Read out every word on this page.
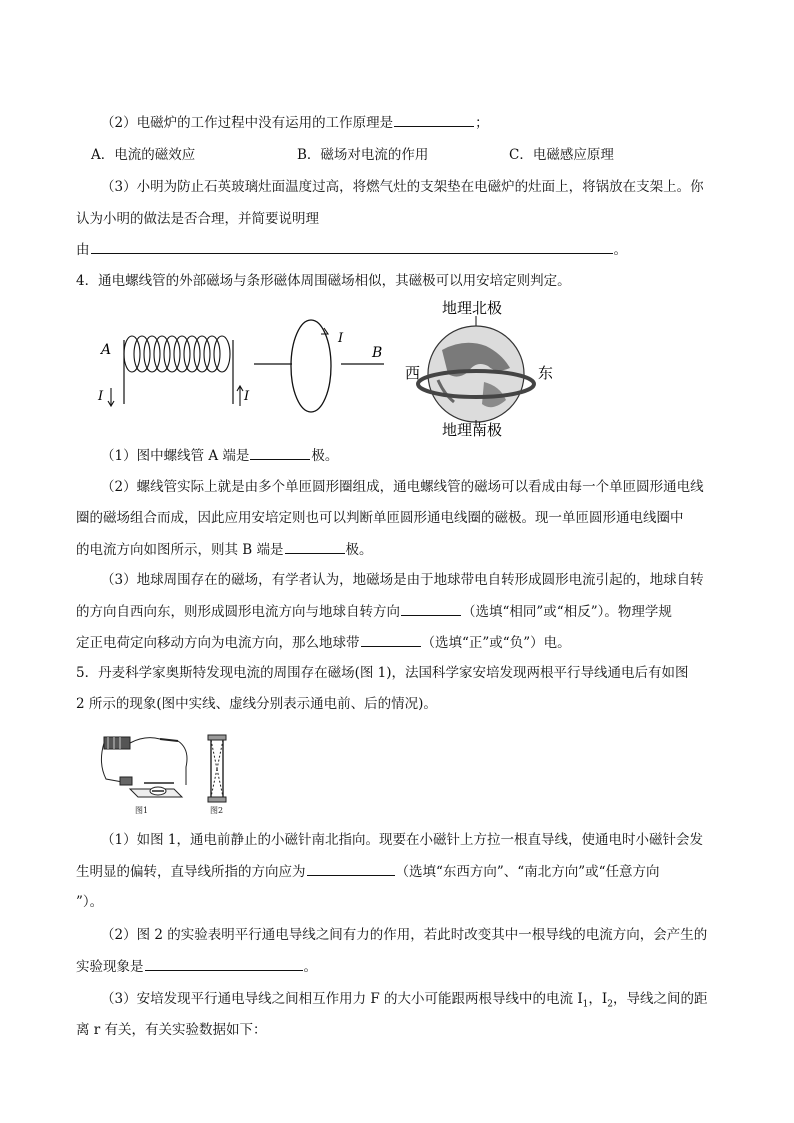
（2）电磁炉的工作过程中没有运用的工作原理是	；
A．电流的磁效应	B．磁场对电流的作用	C．电磁感应原理
（3）小明为防止石英玻璃灶面温度过高，将燃气灶的支架垫在电磁炉的灶面上，将锅放在支架上。你
认为小明的做法是否合理，并简要说明理
由	。
4．通电螺线管的外部磁场与条形磁体周围磁场相似，其磁极可以用安培定则判定。
A
I	I
I
B
地理北极
西	东
地理南极
（1）图中螺线管 A 端是	极。
（2）螺线管实际上就是由多个单匝圆形圈组成，通电螺线管的磁场可以看成由每一个单匝圆形通电线
圈的磁场组合而成，因此应用安培定则也可以判断单匝圆形通电线圈的磁极。现一单匝圆形通电线圈中
的电流方向如图所示，则其 B 端是	极。
（3）地球周围存在的磁场，有学者认为，地磁场是由于地球带电自转形成圆形电流引起的，地球自转
的方向自西向东，则形成圆形电流方向与地球自转方向	（选填“相同”或“相反”）。物理学规
定正电荷定向移动方向为电流方向，那么地球带	（选填“正”或“负”）电。
5．丹麦科学家奥斯特发现电流的周围存在磁场(图 1)，法国科学家安培发现两根平行导线通电后有如图
2 所示的现象(图中实线、虚线分别表示通电前、后的情况)。
图1	图2
（1）如图 1，通电前静止的小磁针南北指向。现要在小磁针上方拉一根直导线，使通电时小磁针会发
生明显的偏转，直导线所指的方向应为	（选填“东西方向”、“南北方向”或“任意方向
”）。
（2）图 2 的实验表明平行通电导线之间有力的作用，若此时改变其中一根导线的电流方向，会产生的
实验现象是	。
（3）安培发现平行通电导线之间相互作用力 F 的大小可能跟两根导线中的电流 $I_1$，$I_2$，导线之间的距
离 r 有关，有关实验数据如下：
